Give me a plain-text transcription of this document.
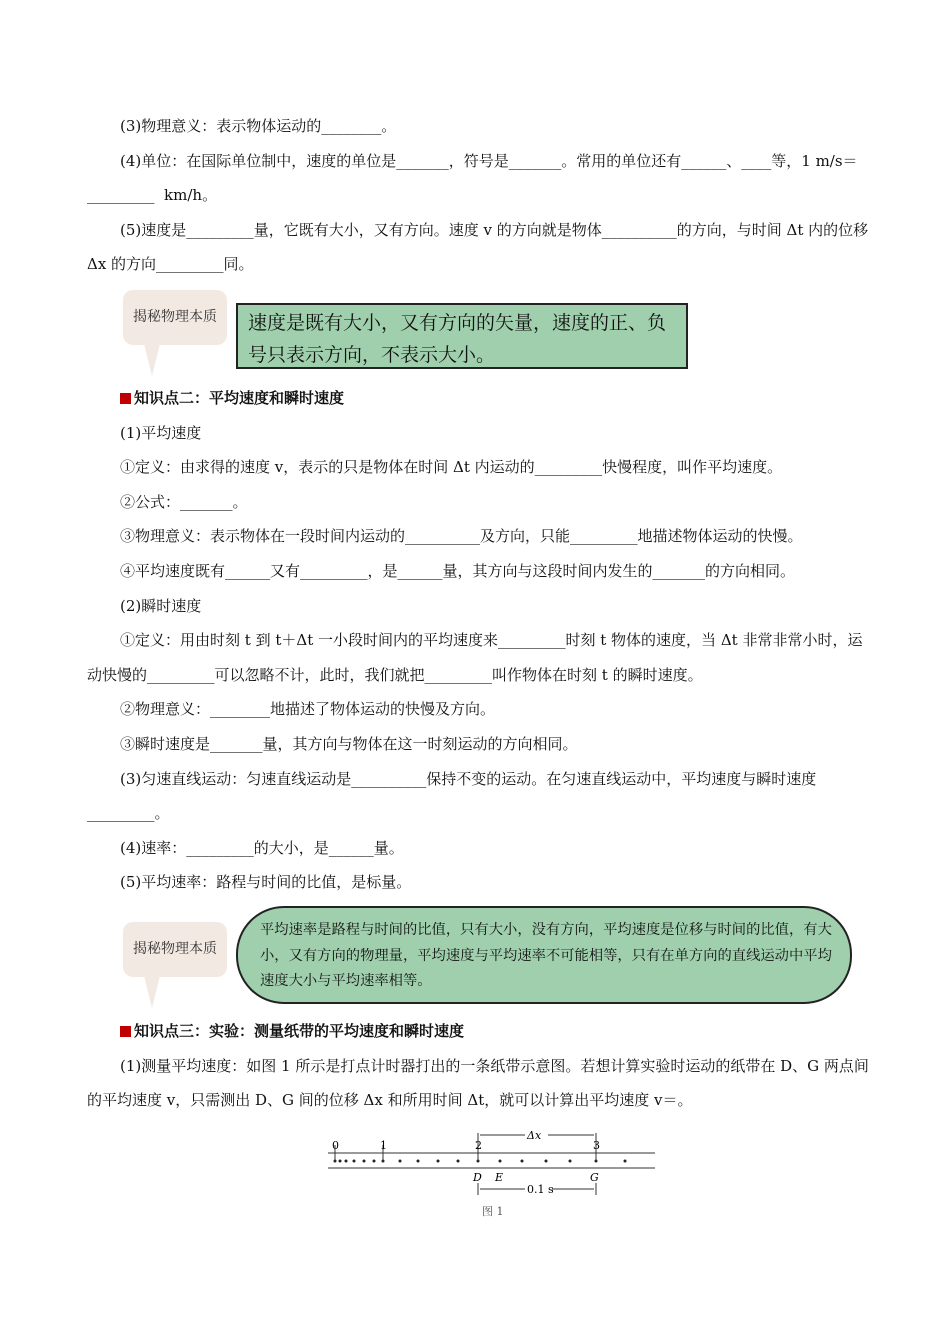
(3)物理意义：表示物体运动的________。

(4)单位：在国际单位制中，速度的单位是_______，符号是_______。常用的单位还有______、____等，1 m/s＝_________  km/h。

(5)速度是_________量，它既有大小，又有方向。速度 v 的方向就是物体__________的方向，与时间 Δt 内的位移 Δx 的方向_________同。

揭秘物理本质	速度是既有大小，又有方向的矢量，速度的正、负号只表示方向，不表示大小。

知识点二：平均速度和瞬时速度

(1)平均速度

①定义：由求得的速度 v，表示的只是物体在时间 Δt 内运动的_________快慢程度，叫作平均速度。

②公式：_______。

③物理意义：表示物体在一段时间内运动的__________及方向，只能_________地描述物体运动的快慢。

④平均速度既有______又有_________，是______量，其方向与这段时间内发生的_______的方向相同。

(2)瞬时速度

①定义：用由时刻 t 到 t＋Δt 一小段时间内的平均速度来_________时刻 t 物体的速度，当 Δt 非常非常小时，运动快慢的_________可以忽略不计，此时，我们就把_________叫作物体在时刻 t 的瞬时速度。

②物理意义：________地描述了物体运动的快慢及方向。

③瞬时速度是_______量，其方向与物体在这一时刻运动的方向相同。

(3)匀速直线运动：匀速直线运动是__________保持不变的运动。在匀速直线运动中，平均速度与瞬时速度_________。

(4)速率：_________的大小，是______量。

(5)平均速率：路程与时间的比值，是标量。

揭秘物理本质
平均速率是路程与时间的比值，只有大小，没有方向，平均速度是位移与时间的比值，有大小，又有方向的物理量，平均速度与平均速率不可能相等，只有在单方向的直线运动中平均速度大小与平均速率相等。

知识点三：实验：测量纸带的平均速度和瞬时速度

(1)测量平均速度：如图 1 所示是打点计时器打出的一条纸带示意图。若想计算实验时运动的纸带在 D、G 两点间的平均速度 v，只需测出 D、G 间的位移 Δx 和所用时间 Δt，就可以计算出平均速度 v＝。

0	1	2	3
Δx
D E	G
0.1 s
图 1
